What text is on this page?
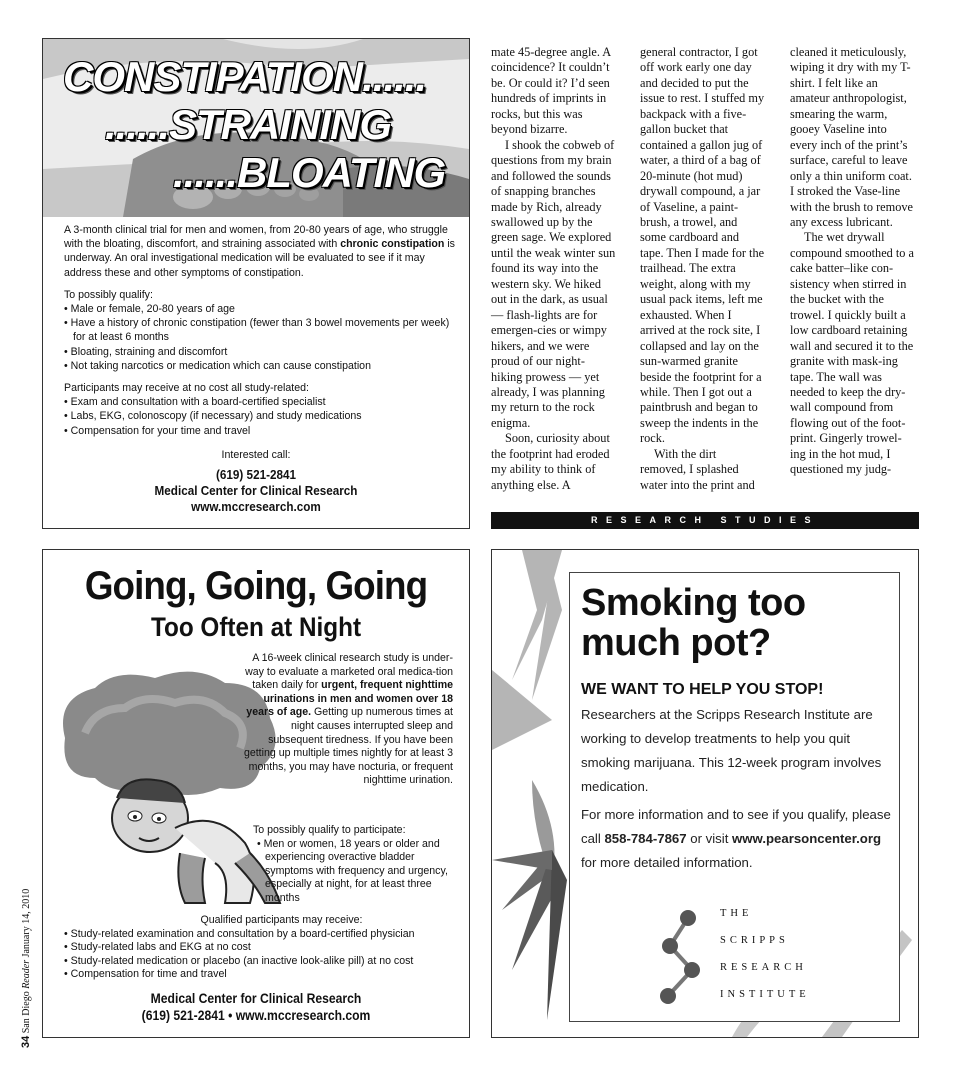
CONSTIPATION......
......STRAINING
......BLOATING

A 3-month clinical trial for men and women, from 20-80 years of age, who struggle with the bloating, discomfort, and straining associated with chronic constipation is underway. An oral investigational medication will be evaluated to see if it may address these and other symptoms of constipation.

To possibly qualify:
• Male or female, 20-80 years of age
• Have a history of chronic constipation (fewer than 3 bowel movements per week) for at least 6 months
• Bloating, straining and discomfort
• Not taking narcotics or medication which can cause constipation
Participants may receive at no cost all study-related:
• Exam and consultation with a board-certified specialist
• Labs, EKG, colonoscopy (if necessary) and study medications
• Compensation for your time and travel
Interested call:
(619) 521-2841
Medical Center for Clinical Research
www.mccresearch.com

mate 45-degree angle. A coincidence? It couldn’t be. Or could it? I’d seen hundreds of imprints in rocks, but this was beyond bizarre.

I shook the cobweb of questions from my brain and followed the sounds of snapping branches made by Rich, already swallowed up by the green sage. We explored until the weak winter sun found its way into the western sky. We hiked out in the dark, as usual — flash-lights are for emergen-cies or wimpy hikers, and we were proud of our night-hiking prowess — yet already, I was planning my return to the rock enigma.

Soon, curiosity about the footprint had eroded my ability to think of anything else. A

general contractor, I got off work early one day and decided to put the issue to rest. I stuffed my backpack with a five-gallon bucket that contained a gallon jug of water, a third of a bag of 20-minute (hot mud) drywall compound, a jar of Vaseline, a paint-brush, a trowel, and some cardboard and tape. Then I made for the trailhead. The extra weight, along with my usual pack items, left me exhausted. When I arrived at the rock site, I collapsed and lay on the sun-warmed granite beside the footprint for a while. Then I got out a paintbrush and began to sweep the indents in the rock.

With the dirt removed, I splashed water into the print and

cleaned it meticulously, wiping it dry with my T-shirt. I felt like an amateur anthropologist, smearing the warm, gooey Vaseline into every inch of the print’s surface, careful to leave only a thin uniform coat. I stroked the Vase-line with the brush to remove any excess lubricant.

The wet drywall compound smoothed to a cake batter–like con-sistency when stirred in the bucket with the trowel. I quickly built a low cardboard retaining wall and secured it to the granite with mask-ing tape. The wall was needed to keep the dry-wall compound from flowing out of the foot-print. Gingerly trowel-ing in the hot mud, I questioned my judg-

RESEARCH STUDIES
Going, Going, Going
Too Often at Night
A 16-week clinical research study is under-way to evaluate a marketed oral medica-tion taken daily for urgent, frequent nighttime urinations in men and women over 18 years of age. Getting up numerous times at night causes interrupted sleep and subsequent tiredness. If you have been getting up multiple times nightly for at least 3 months, you may have nocturia, or frequent nighttime urination.
To possibly qualify to participate:
• Men or women, 18 years or older and experiencing overactive bladder symptoms with frequency and urgency, especially at night, for at least three months
Qualified participants may receive:
• Study-related examination and consultation by a board-certified physician
• Study-related labs and EKG at no cost
• Study-related medication or placebo (an inactive look-alike pill) at no cost
• Compensation for time and travel
Medical Center for Clinical Research
(619) 521-2841 • www.mccresearch.com
Smoking too much pot?
WE WANT TO HELP YOU STOP!
Researchers at the Scripps Research Institute are working to develop treatments to help you quit smoking marijuana. This 12-week program involves medication.
For more information and to see if you qualify, please call 858-784-7867 or visit www.pearsoncenter.org for more detailed information.
THE
SCRIPPS
RESEARCH
INSTITUTE
34 San Diego Reader January 14, 2010
